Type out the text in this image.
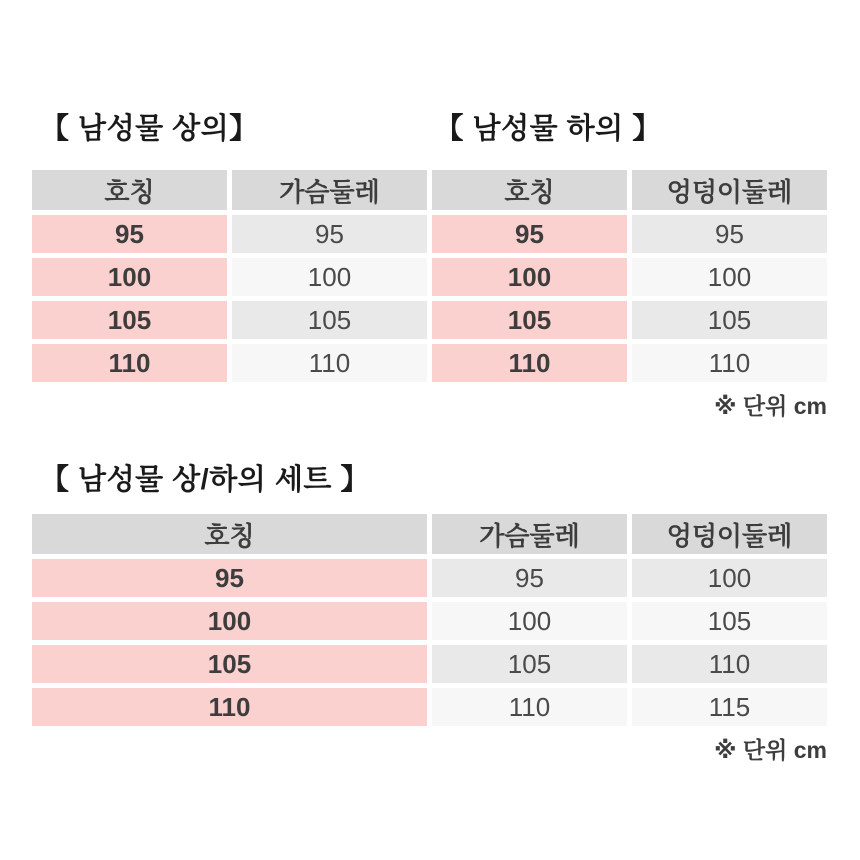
【 남성물 상의】	【 남성물 하의 】
호칭	가슴둘레
95	95
100	100
105	105
110	110
호칭	엉덩이둘레
95	95
100	100
105	105
110	110
※ 단위 cm
【 남성물 상/하의 세트 】
호칭	가슴둘레	엉덩이둘레
95	95	100
100	100	105
105	105	110
110	110	115
※ 단위 cm
